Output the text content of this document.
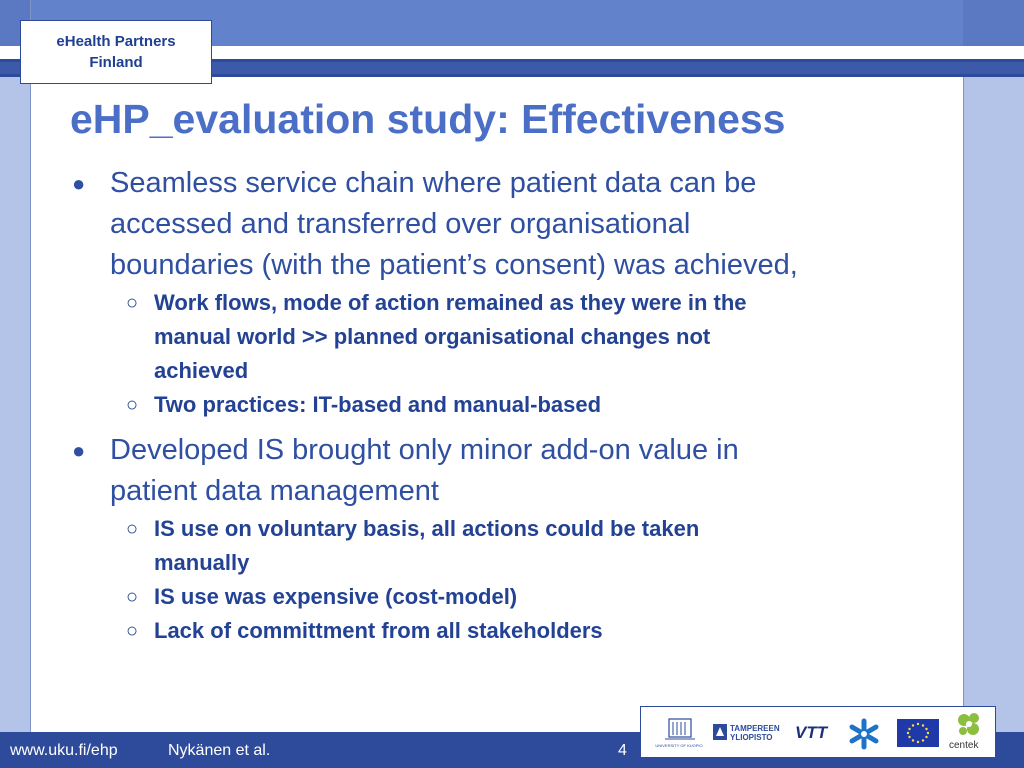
eHealth Partners
Finland
eHP_evaluation study: Effectiveness
● Seamless service chain where patient data can be
accessed and transferred over organisational
boundaries (with the patient’s consent) was achieved,
○ Work flows, mode of action remained as they were in the
manual world >> planned organisational changes not
achieved
○ Two practices: IT-based and manual-based
● Developed IS brought only minor add-on value in
patient data management
○ IS use on voluntary basis, all actions could be taken
manually
○ IS use was expensive (cost-model)
○ Lack of committment from all stakeholders
www.uku.fi/ehp	Nykänen et al.	4	UNIVERSITY OF KUOPIO
TAMPEREEN
YLIOPISTO VTT
centek
